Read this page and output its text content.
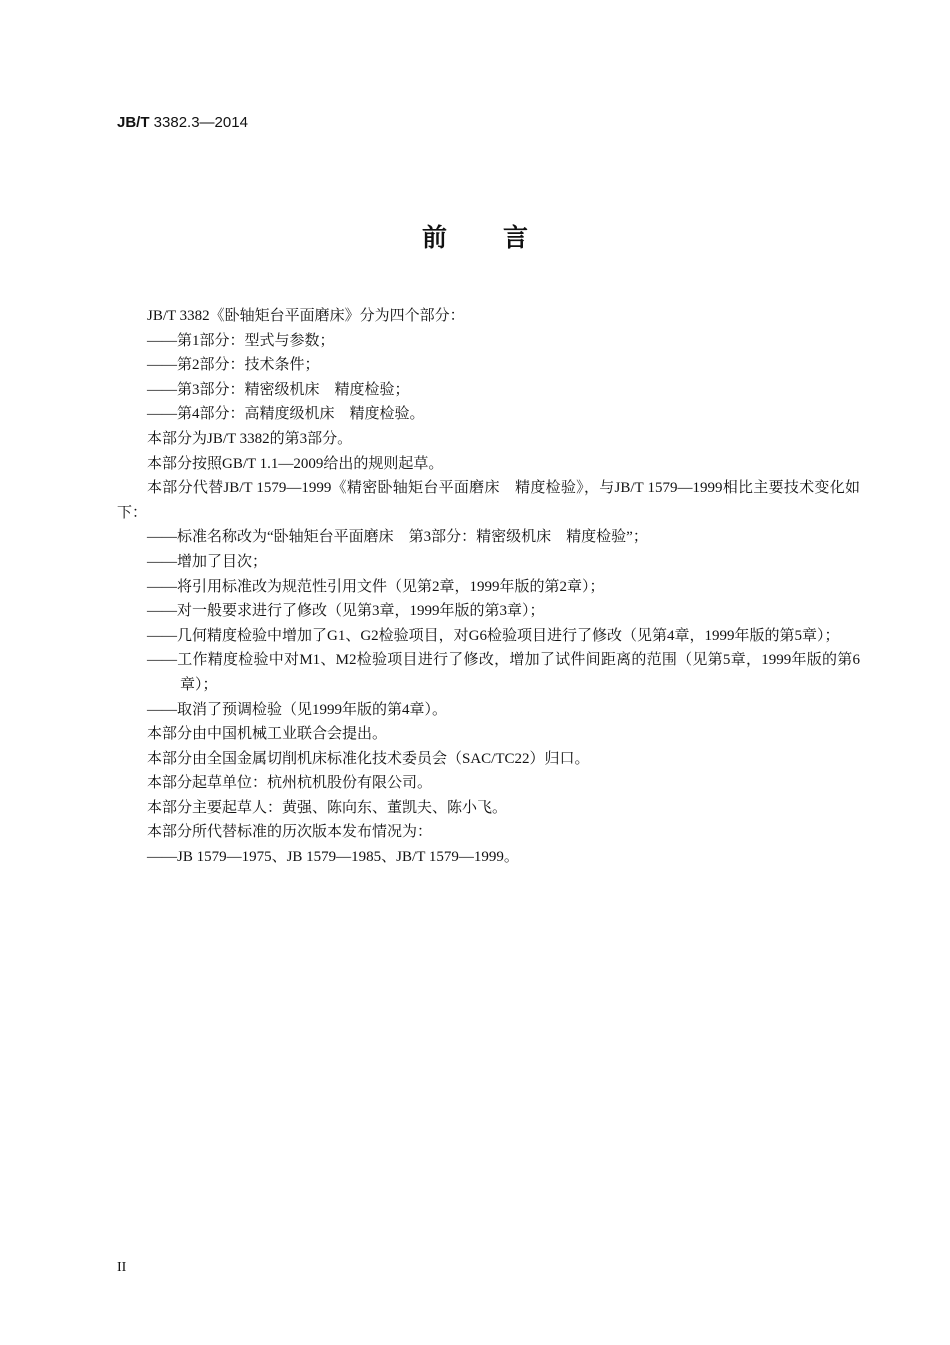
JB/T 3382.3—2014
前 言

JB/T 3382《卧轴矩台平面磨床》分为四个部分：

——第1部分：型式与参数；

——第2部分：技术条件；

——第3部分：精密级机床　精度检验；

——第4部分：高精度级机床　精度检验。

本部分为JB/T 3382的第3部分。

本部分按照GB/T 1.1—2009给出的规则起草。

本部分代替JB/T 1579—1999《精密卧轴矩台平面磨床　精度检验》，与JB/T 1579—1999相比主要技术变化如下：

——标准名称改为“卧轴矩台平面磨床　第3部分：精密级机床　精度检验”；

——增加了目次；

——将引用标准改为规范性引用文件（见第2章，1999年版的第2章）；

——对一般要求进行了修改（见第3章，1999年版的第3章）；

——几何精度检验中增加了G1、G2检验项目，对G6检验项目进行了修改（见第4章，1999年版的第5章）；

——工作精度检验中对M1、M2检验项目进行了修改，增加了试件间距离的范围（见第5章，1999年版的第6章）；

——取消了预调检验（见1999年版的第4章）。

本部分由中国机械工业联合会提出。

本部分由全国金属切削机床标准化技术委员会（SAC/TC22）归口。

本部分起草单位：杭州杭机股份有限公司。

本部分主要起草人：黄强、陈向东、董凯夫、陈小飞。

本部分所代替标准的历次版本发布情况为：

——JB 1579—1975、JB 1579—1985、JB/T 1579—1999。

II
